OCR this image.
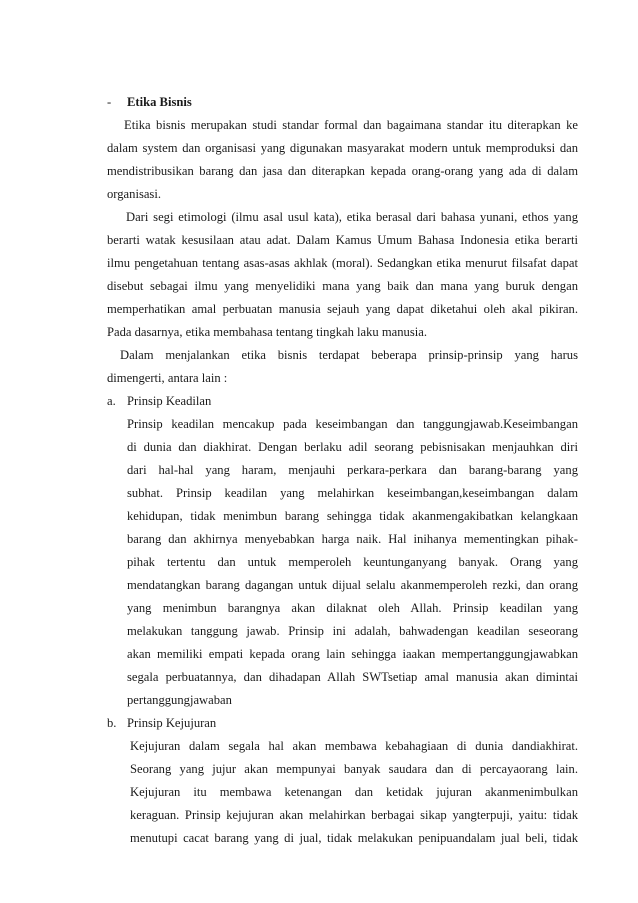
- Etika Bisnis
Etika bisnis merupakan studi standar formal dan bagaimana standar itu diterapkan ke
dalam system dan organisasi yang digunakan masyarakat modern untuk memproduksi dan
mendistribusikan barang dan jasa dan diterapkan kepada orang-orang yang ada di dalam
organisasi.
Dari segi etimologi (ilmu asal usul kata), etika berasal dari bahasa yunani, ethos yang
berarti watak kesusilaan atau adat. Dalam Kamus Umum Bahasa Indonesia etika berarti
ilmu pengetahuan tentang asas-asas akhlak (moral). Sedangkan etika menurut filsafat dapat
disebut sebagai ilmu yang menyelidiki mana yang baik dan mana yang buruk dengan
memperhatikan amal perbuatan manusia sejauh yang dapat diketahui oleh akal pikiran.
Pada dasarnya, etika membahasa tentang tingkah laku manusia.
Dalam menjalankan etika bisnis terdapat beberapa prinsip-prinsip yang harus
dimengerti, antara lain :
a. Prinsip Keadilan
Prinsip keadilan mencakup pada keseimbangan dan tanggungjawab.Keseimbangan
di dunia dan diakhirat. Dengan berlaku adil seorang pebisnisakan menjauhkan diri
dari hal-hal yang haram, menjauhi perkara-perkara dan barang-barang yang
subhat. Prinsip keadilan yang melahirkan keseimbangan,keseimbangan dalam
kehidupan, tidak menimbun barang sehingga tidak akanmengakibatkan kelangkaan
barang dan akhirnya menyebabkan harga naik. Hal inihanya mementingkan pihak-
pihak tertentu dan untuk memperoleh keuntunganyang banyak. Orang yang
mendatangkan barang dagangan untuk dijual selalu akanmemperoleh rezki, dan orang
yang menimbun barangnya akan dilaknat oleh Allah. Prinsip keadilan yang
melakukan tanggung jawab. Prinsip ini adalah, bahwadengan keadilan seseorang
akan memiliki empati kepada orang lain sehingga iaakan mempertanggungjawabkan
segala perbuatannya, dan dihadapan Allah SWTsetiap amal manusia akan dimintai
pertanggungjawaban
b. Prinsip Kejujuran
Kejujuran dalam segala hal akan membawa kebahagiaan di dunia dandiakhirat.
Seorang yang jujur akan mempunyai banyak saudara dan di percayaorang lain.
Kejujuran itu membawa ketenangan dan ketidak jujuran akanmenimbulkan
keraguan. Prinsip kejujuran akan melahirkan berbagai sikap yangterpuji, yaitu: tidak
menutupi cacat barang yang di jual, tidak melakukan penipuandalam jual beli, tidak
